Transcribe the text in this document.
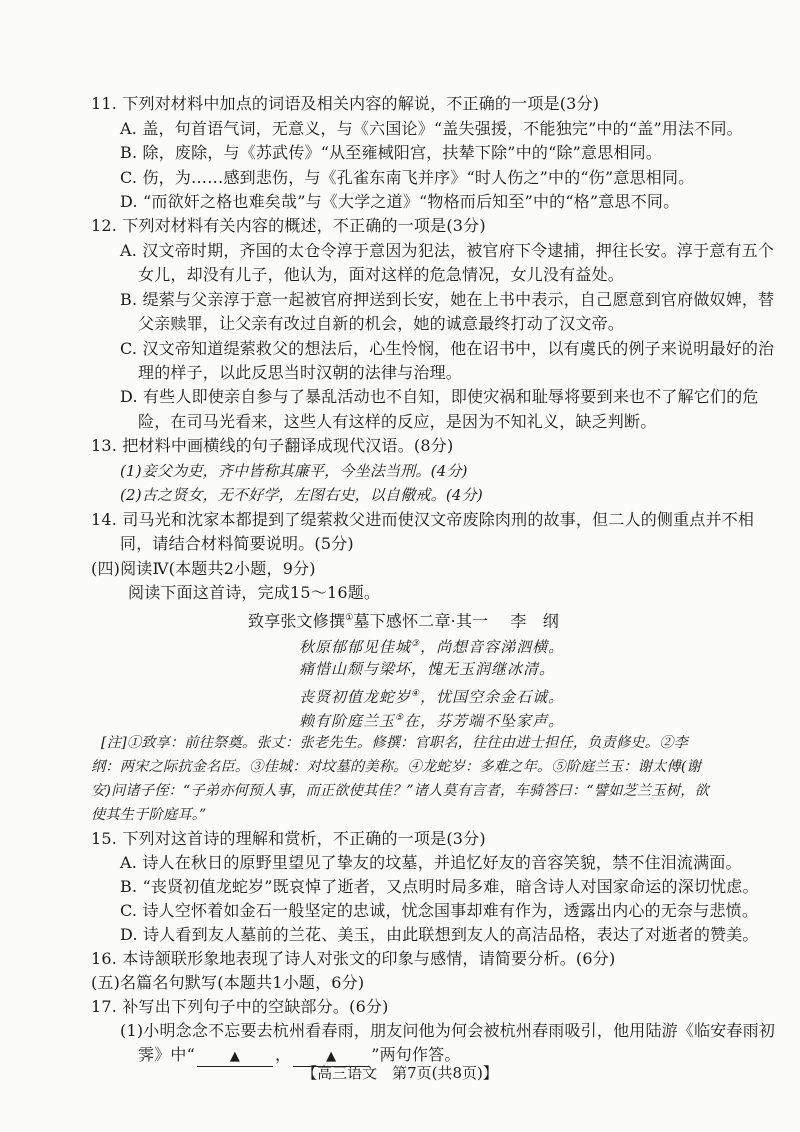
11. 下列对材料中加点的词语及相关内容的解说，不正确的一项是(3分)
A. 盖，句首语气词，无意义，与《六国论》“盖失强援，不能独完”中的“盖”用法不同。
B. 除，废除，与《苏武传》“从至雍棫阳宫，扶辇下除”中的“除”意思相同。
C. 伤，为……感到悲伤，与《孔雀东南飞并序》“时人伤之”中的“伤”意思相同。
D. “而欲奸之格也难矣哉”与《大学之道》“物格而后知至”中的“格”意思不同。
12. 下列对材料有关内容的概述，不正确的一项是(3分)
A. 汉文帝时期，齐国的太仓令淳于意因为犯法，被官府下令逮捕，押往长安。淳于意有五个
女儿，却没有儿子，他认为，面对这样的危急情况，女儿没有益处。
B. 缇萦与父亲淳于意一起被官府押送到长安，她在上书中表示，自己愿意到官府做奴婢，替
父亲赎罪，让父亲有改过自新的机会，她的诚意最终打动了汉文帝。
C. 汉文帝知道缇萦救父的想法后，心生怜悯，他在诏书中，以有虞氏的例子来说明最好的治
理的样子，以此反思当时汉朝的法律与治理。
D. 有些人即使亲自参与了暴乱活动也不自知，即使灾祸和耻辱将要到来也不了解它们的危
险，在司马光看来，这些人有这样的反应，是因为不知礼义，缺乏判断。
13. 把材料中画横线的句子翻译成现代汉语。(8分)
(1)妾父为吏，齐中皆称其廉平，今坐法当刑。(4分)
(2)古之贤女，无不好学，左图右史，以自儆戒。(4分)
14. 司马光和沈家本都提到了缇萦救父进而使汉文帝废除肉刑的故事，但二人的侧重点并不相
同，请结合材料简要说明。(5分)
(四)阅读Ⅳ(本题共2小题，9分)
阅读下面这首诗，完成15～16题。
致享张文修撰①墓下感怀二章·其一 李　纲
秋原郁郁见佳城③，尚想音容涕泗横。
痛惜山颓与梁坏，愧无玉润继冰清。
丧贤初值龙蛇岁④，忧国空余金石诚。
赖有阶庭兰玉⑤在，芬芳端不坠家声。
[注]①致享：前往祭奠。张丈：张老先生。修撰：官职名，往往由进士担任，负责修史。②李
纲：两宋之际抗金名臣。③佳城：对坟墓的美称。④龙蛇岁：多难之年。⑤阶庭兰玉：谢太傅(谢
安)问诸子侄：“子弟亦何预人事，而正欲使其佳？”诸人莫有言者，车骑答曰：“譬如芝兰玉树，欲
使其生于阶庭耳。”
15. 下列对这首诗的理解和赏析，不正确的一项是(3分)
A. 诗人在秋日的原野里望见了挚友的坟墓，并追忆好友的音容笑貌，禁不住泪流满面。
B. “丧贤初值龙蛇岁”既哀悼了逝者，又点明时局多难，暗含诗人对国家命运的深切忧虑。
C. 诗人空怀着如金石一般坚定的忠诚，忧念国事却难有作为，透露出内心的无奈与悲愤。
D. 诗人看到友人墓前的兰花、美玉，由此联想到友人的高洁品格，表达了对逝者的赞美。
16. 本诗颔联形象地表现了诗人对张文的印象与感情，请简要分析。(6分)
(五)名篇名句默写(本题共1小题，6分)
17. 补写出下列句子中的空缺部分。(6分)
(1)小明念念不忘要去杭州看春雨，朋友问他为何会被杭州春雨吸引，他用陆游《临安春雨初
霁》中“	▲ ，	▲ ”两句作答。
【高三语文　第7页(共8页)】
